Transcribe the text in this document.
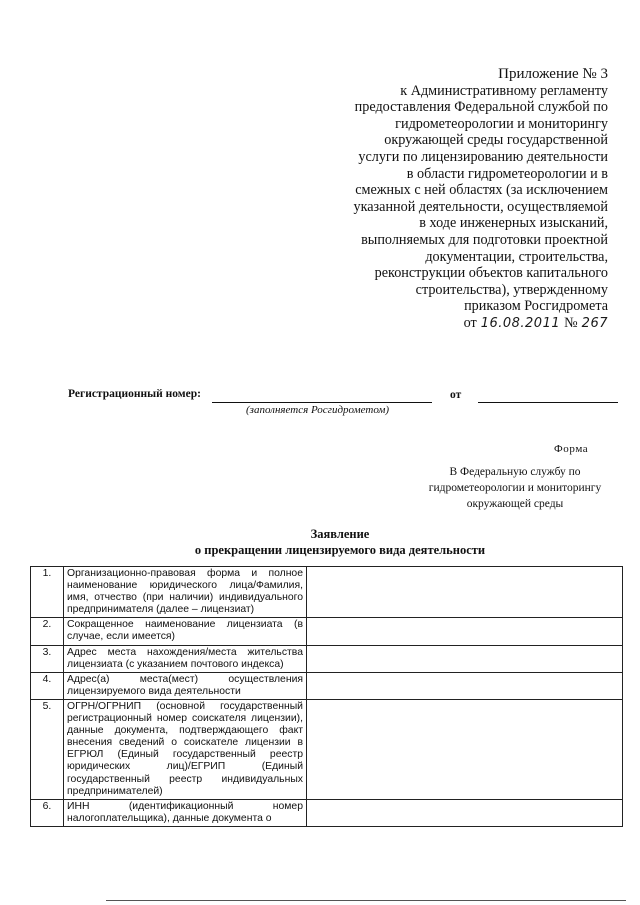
Приложение № 3
к Административному регламенту
предоставления Федеральной службой по
гидрометеорологии и мониторингу
окружающей среды государственной
услуги по лицензированию деятельности
в области гидрометеорологии и в
смежных с ней областях (за исключением
указанной деятельности, осуществляемой
в ходе инженерных изысканий,
выполняемых для подготовки проектной
документации, строительства,
реконструкции объектов капитального
строительства), утвержденному
приказом Росгидромета
от 16.08.2011 № 267
Регистрационный номер:	от
(заполняется Росгидрометом)
Форма
В Федеральную службу по
гидрометеорологии и мониторингу
окружающей среды
Заявление
о прекращении лицензируемого вида деятельности
1.	Организационно-правовая форма и полное наименование юридического лица/Фамилия, имя, отчество (при наличии) индивидуального предпринимателя (далее – лицензиат)	
2.	Сокращенное наименование лицензиата (в случае, если имеется)	
3.	Адрес места нахождения/места жительства лицензиата (с указанием почтового индекса)	
4.	Адрес(а) места(мест) осуществления лицензируемого вида деятельности	
5.	ОГРН/ОГРНИП (основной государственный регистрационный номер соискателя лицензии), данные документа, подтверждающего факт внесения сведений о соискателе лицензии в ЕГРЮЛ (Единый государственный реестр юридических лиц)/ЕГРИП (Единый государственный реестр индивидуальных предпринимателей)	
6.	ИНН (идентификационный номер налогоплательщика), данные документа о	
